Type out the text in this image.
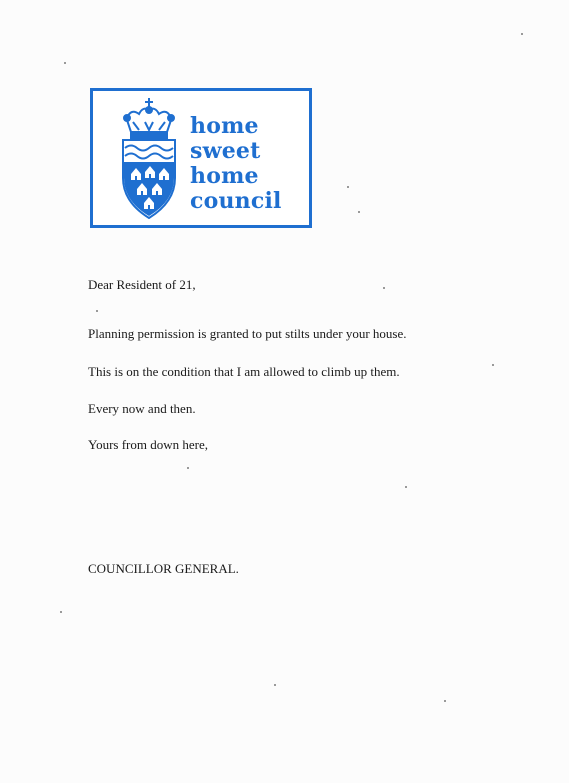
home
sweet
home
council
Dear Resident of 21,
Planning permission is granted to put stilts under your house.
This is on the condition that I am allowed to climb up them.
Every now and then.
Yours from down here,
COUNCILLOR GENERAL.
